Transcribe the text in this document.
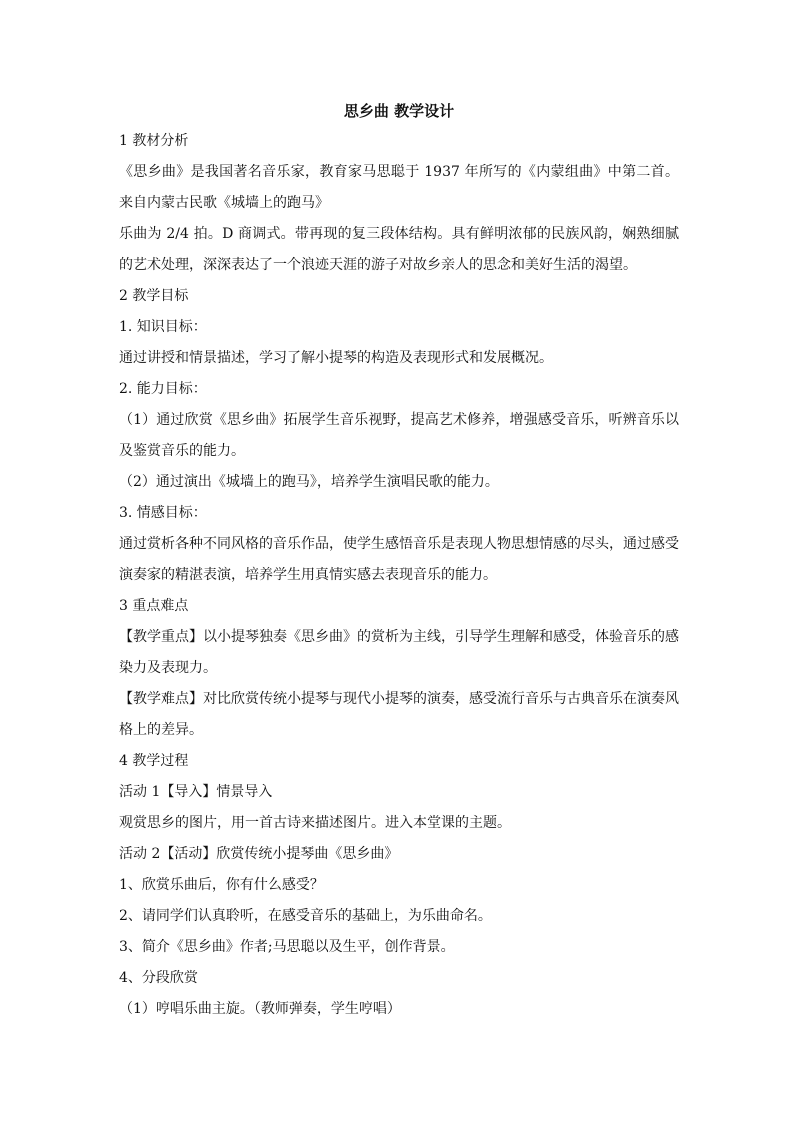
思乡曲 教学设计
1 教材分析
《思乡曲》是我国著名音乐家，教育家马思聪于 1937 年所写的《内蒙组曲》中第二首。来自内蒙古民歌《城墙上的跑马》
乐曲为 2/4 拍。D 商调式。带再现的复三段体结构。具有鲜明浓郁的民族风韵，娴熟细腻的艺术处理，深深表达了一个浪迹天涯的游子对故乡亲人的思念和美好生活的渴望。
2 教学目标
1. 知识目标：
通过讲授和情景描述，学习了解小提琴的构造及表现形式和发展概况。
2. 能力目标：
（1）通过欣赏《思乡曲》拓展学生音乐视野，提高艺术修养，增强感受音乐，听辨音乐以及鉴赏音乐的能力。
（2）通过演出《城墙上的跑马》，培养学生演唱民歌的能力。
3. 情感目标：
通过赏析各种不同风格的音乐作品，使学生感悟音乐是表现人物思想情感的尽头，通过感受演奏家的精湛表演，培养学生用真情实感去表现音乐的能力。
3 重点难点
【教学重点】以小提琴独奏《思乡曲》的赏析为主线，引导学生理解和感受，体验音乐的感染力及表现力。
【教学难点】对比欣赏传统小提琴与现代小提琴的演奏，感受流行音乐与古典音乐在演奏风格上的差异。
4 教学过程
活动 1【导入】情景导入
观赏思乡的图片，用一首古诗来描述图片。进入本堂课的主题。
活动 2【活动】欣赏传统小提琴曲《思乡曲》
1、欣赏乐曲后，你有什么感受？
2、请同学们认真聆听，在感受音乐的基础上，为乐曲命名。
3、简介《思乡曲》作者;马思聪以及生平，创作背景。
4、分段欣赏
（1）哼唱乐曲主旋。（教师弹奏，学生哼唱）
